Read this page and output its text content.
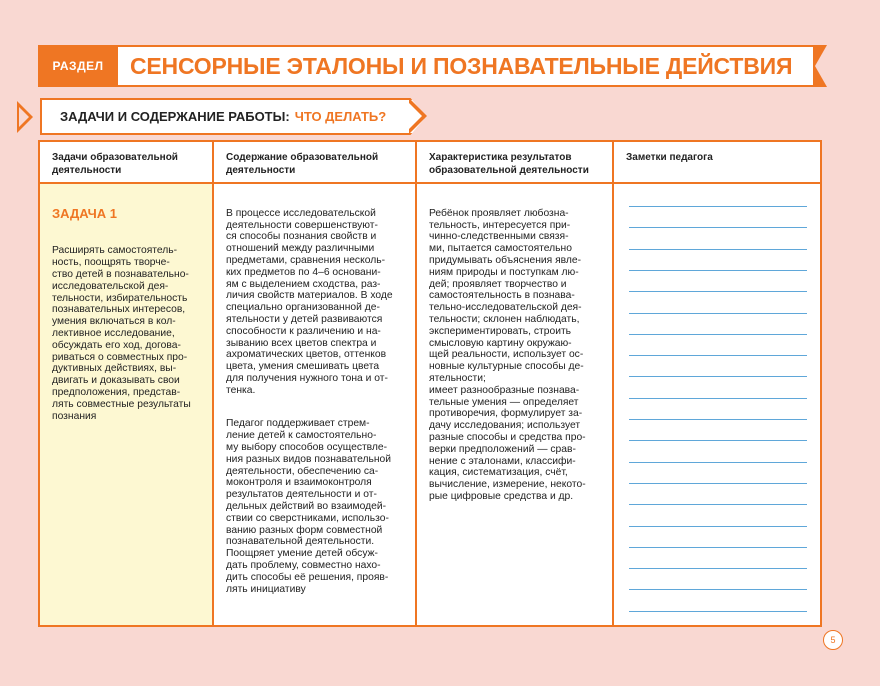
РАЗДЕЛ	СЕНСОРНЫЕ ЭТАЛОНЫ И ПОЗНАВАТЕЛЬНЫЕ ДЕЙСТВИЯ
ЗАДАЧИ И СОДЕРЖАНИЕ РАБОТЫ: ЧТО ДЕЛАТЬ?
Задачи образовательной
деятельности
Содержание образовательной
деятельности
Характеристика результатов
образовательной деятельности
Заметки педагога

ЗАДАЧА 1

Расширять самостоятель-
ность, поощрять творче-
ство детей в познавательно-
исследовательской дея-
тельности, избирательность
познавательных интересов,
умения включаться в кол-
лективное исследование,
обсуждать его ход, догова-
риваться о совместных про-
дуктивных действиях, вы-
двигать и доказывать свои
предположения, представ-
лять совместные результаты
познания

В процессе исследовательской
деятельности совершенствуют-
ся способы познания свойств и
отношений между различными
предметами, сравнения несколь-
ких предметов по 4–6 основани-
ям с выделением сходства, раз-
личия свойств материалов. В ходе
специально организованной де-
ятельности у детей развиваются
способности к различению и на-
зыванию всех цветов спектра и
ахроматических цветов, оттенков
цвета, умения смешивать цвета
для получения нужного тона и от-
тенка.

Педагог поддерживает стрем-
ление детей к самостоятельно-
му выбору способов осуществле-
ния разных видов познавательной
деятельности, обеспечению са-
моконтроля и взаимоконтроля
результатов деятельности и от-
дельных действий во взаимодей-
ствии со сверстниками, использо-
ванию разных форм совместной
познавательной деятельности.
Поощряет умение детей обсуж-
дать проблему, совместно нахо-
дить способы её решения, прояв-
лять инициативу

Ребёнок проявляет любозна-
тельность, интересуется при-
чинно-следственными связя-
ми, пытается самостоятельно
придумывать объяснения явле-
ниям природы и поступкам лю-
дей; проявляет творчество и
самостоятельность в познава-
тельно-исследовательской дея-
тельности; склонен наблюдать,
экспериментировать, строить
смысловую картину окружаю-
щей реальности, использует ос-
новные культурные способы де-
ятельности;
имеет разнообразные познава-
тельные умения — определяет
противоречия, формулирует за-
дачу исследования; использует
разные способы и средства про-
верки предположений — срав-
нение с эталонами, классифи-
кация, систематизация, счёт,
вычисление, измерение, некото-
рые цифровые средства и др.

5
